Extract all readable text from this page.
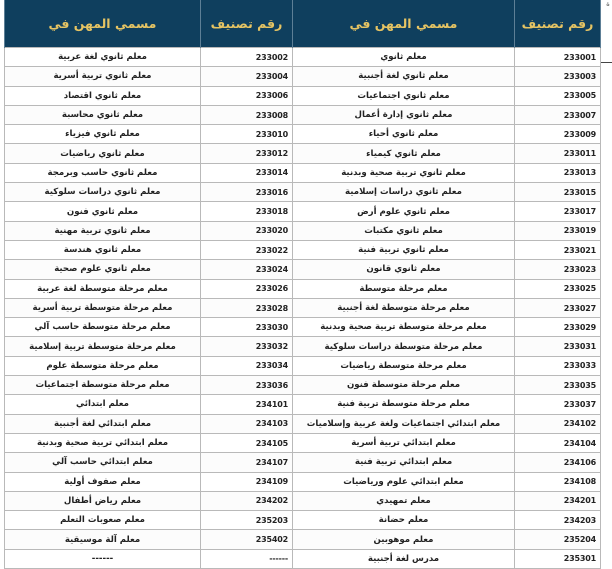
رقم تصنيف	مسمي المهن في	رقم تصنيف	مسمي المهن في
233001	معلم ثانوي	233002	معلم ثانوي لغة عربية
233003	معلم ثانوي لغة أجنبية	233004	معلم ثانوي تربية أسرية
233005	معلم ثانوي اجتماعيات	233006	معلم ثانوي اقتصاد
233007	معلم ثانوي إدارة أعمال	233008	معلم ثانوي محاسبة
233009	معلم ثانوي أحياء	233010	معلم ثانوي فيزياء
233011	معلم ثانوي كيمياء	233012	معلم ثانوي رياضيات
233013	معلم ثانوي تربية صحية وبدنية	233014	معلم ثانوي حاسب وبرمجة
233015	معلم ثانوي دراسات إسلامية	233016	معلم ثانوي دراسات سلوكية
233017	معلم ثانوي علوم أرض	233018	معلم ثانوي فنون
233019	معلم ثانوي مكتبات	233020	معلم ثانوي تربية مهنية
233021	معلم ثانوي تربية فنية	233022	معلم ثانوي هندسة
233023	معلم ثانوي قانون	233024	معلم ثانوي علوم صحية
233025	معلم مرحلة متوسطة	233026	معلم مرحلة متوسطة لغة عربية
233027	معلم مرحلة متوسطة لغة أجنبية	233028	معلم مرحلة متوسطة تربية أسرية
233029	معلم مرحلة متوسطة تربية صحية وبدنية	233030	معلم مرحلة متوسطة حاسب آلي
233031	معلم مرحلة متوسطة دراسات سلوكية	233032	معلم مرحلة متوسطة تربية إسلامية
233033	معلم مرحلة متوسطة رياضيات	233034	معلم مرحلة متوسطة علوم
233035	معلم مرحلة متوسطة فنون	233036	معلم مرحلة متوسطة اجتماعيات
233037	معلم مرحلة متوسطة تربية فنية	234101	معلم ابتدائي
234102	معلم ابتدائي اجتماعيات ولغة عربية وإسلاميات	234103	معلم ابتدائي لغة أجنبية
234104	معلم ابتدائي تربية أسرية	234105	معلم ابتدائي تربية صحية وبدنية
234106	معلم ابتدائي تربية فنية	234107	معلم ابتدائي حاسب آلي
234108	معلم ابتدائي علوم ورياضيات	234109	معلم صفوف أولية
234201	معلم تمهيدي	234202	معلم رياض أطفال
234203	معلم حضانة	235203	معلم صعوبات التعلم
235204	معلم موهوبين	235402	معلم آلة موسيقية
235301	مدرس لغة أجنبية	------	------
ة
